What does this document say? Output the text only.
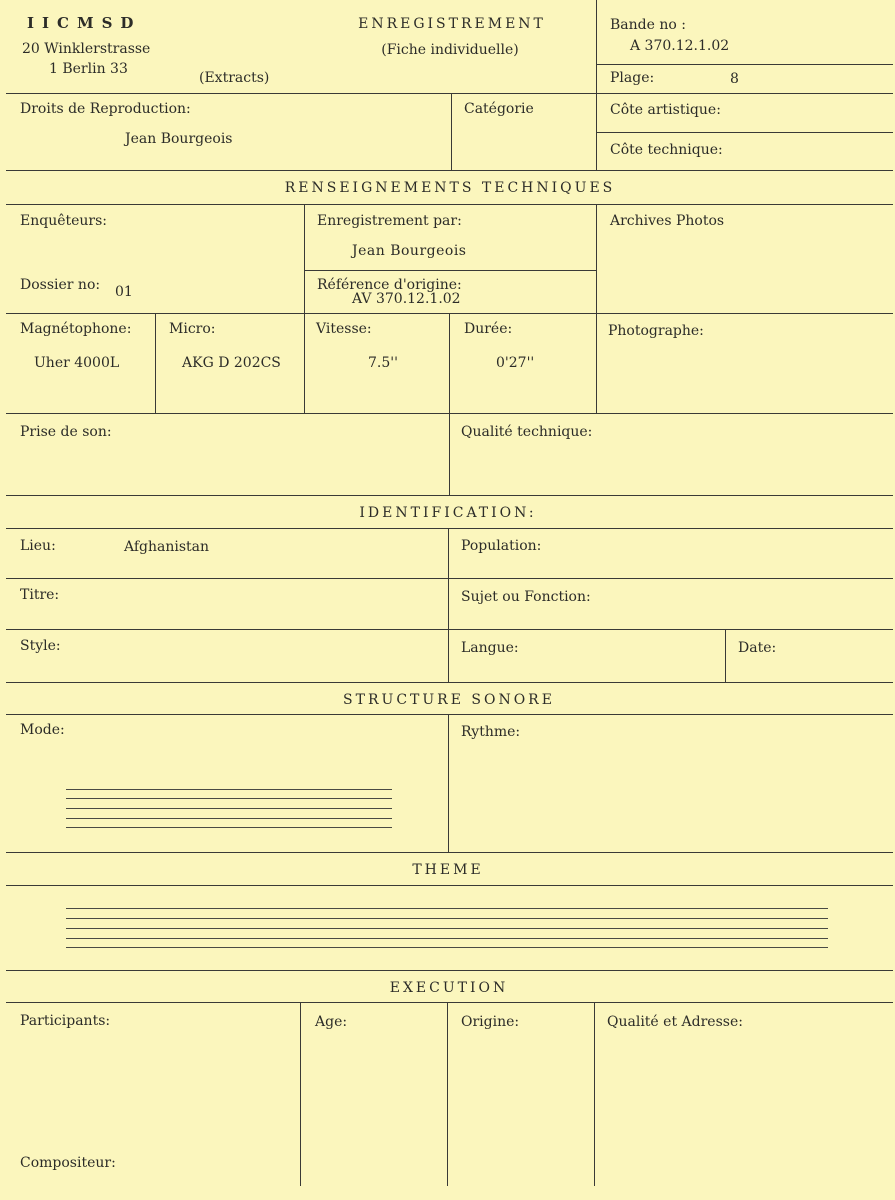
IICMSD
20 Winklerstrasse
1 Berlin 33
(Extracts)
ENREGISTREMENT
(Fiche individuelle)
Bande no :
A 370.12.1.02
Plage:	8
Droits de Reproduction:
Jean Bourgeois
Catégorie	Côte artistique:
Côte technique:
RENSEIGNEMENTS TECHNIQUES
Enquêteurs:
Dossier no: 01
Enregistrement par:
Jean Bourgeois
Référence d'origine:
AV 370.12.1.02
Archives Photos
Magnétophone:
Uher 4000L
Micro:
AKG D 202CS
Vitesse:
7.5''
Durée:
0'27''
Photographe:
Prise de son:	Qualité technique:
IDENTIFICATION:
Lieu:	Afghanistan	Population:
Titre:	Sujet ou Fonction:
Style:	Langue:	Date:
STRUCTURE SONORE
Mode:	Rythme:
THEME
EXECUTION
Participants:	Age:	Origine:	Qualité et Adresse:
Compositeur:
